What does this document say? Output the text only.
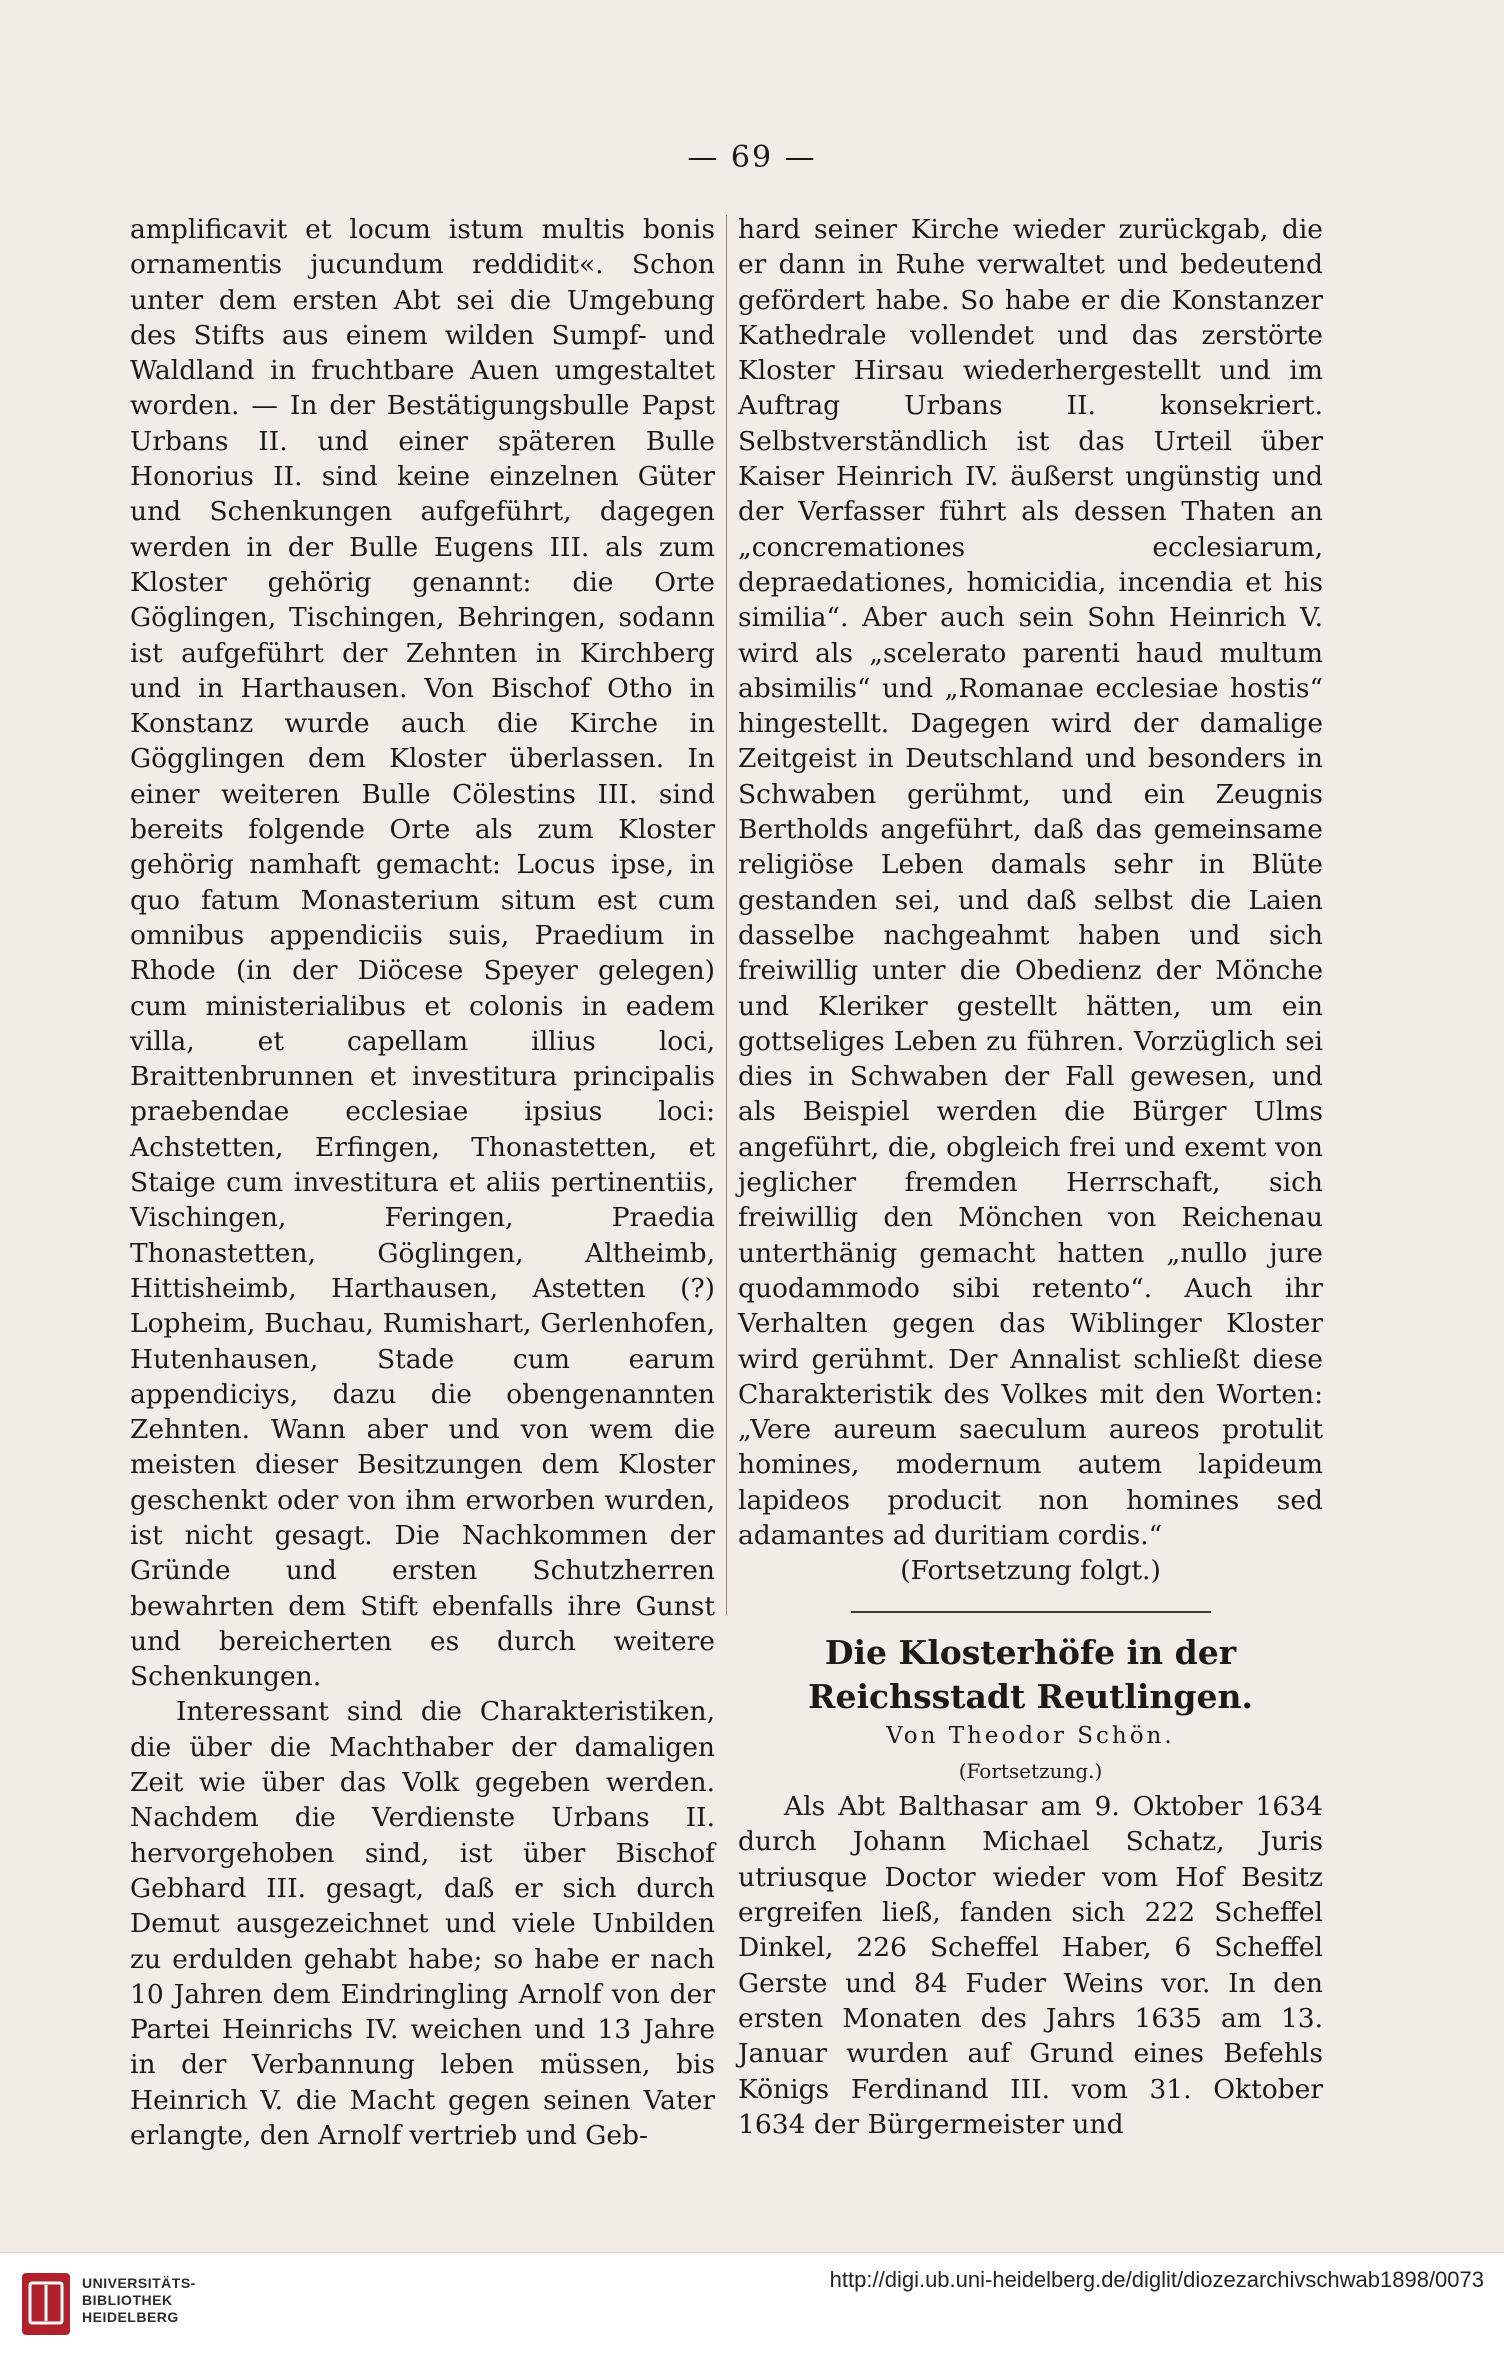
— 69 —

amplificavit et locum istum multis bonis ornamentis jucundum reddidit«. Schon unter dem ersten Abt sei die Umgebung des Stifts aus einem wilden Sumpf- und Waldland in fruchtbare Auen umgestaltet worden. — In der Bestätigungsbulle Papst Urbans II. und einer späteren Bulle Honorius II. sind keine einzelnen Güter und Schenkungen aufgeführt, dagegen werden in der Bulle Eugens III. als zum Kloster gehörig genannt: die Orte Göglingen, Tischingen, Behringen, sodann ist aufgeführt der Zehnten in Kirchberg und in Harthausen. Von Bischof Otho in Konstanz wurde auch die Kirche in Gögglingen dem Kloster überlassen. In einer weiteren Bulle Cölestins III. sind bereits folgende Orte als zum Kloster gehörig namhaft gemacht: Locus ipse, in quo fatum Monasterium situm est cum omnibus appendiciis suis, Praedium in Rhode (in der Diöcese Speyer gelegen) cum ministerialibus et colonis in eadem villa, et capellam illius loci, Braittenbrunnen et investitura principalis praebendae ecclesiae ipsius loci: Achstetten, Erfingen, Thonastetten, et Staige cum investitura et aliis pertinentiis, Vischingen, Feringen, Praedia Thonastetten, Göglingen, Altheimb, Hittisheimb, Harthausen, Astetten (?) Lopheim, Buchau, Rumishart, Gerlenhofen, Hutenhausen, Stade cum earum appendiciys, dazu die obengenannten Zehnten. Wann aber und von wem die meisten dieser Besitzungen dem Kloster geschenkt oder von ihm erworben wurden, ist nicht gesagt. Die Nachkommen der Gründe und ersten Schutzherren bewahrten dem Stift ebenfalls ihre Gunst und bereicherten es durch weitere Schenkungen.

Interessant sind die Charakteristiken, die über die Machthaber der damaligen Zeit wie über das Volk gegeben werden. Nachdem die Verdienste Urbans II. hervorgehoben sind, ist über Bischof Gebhard III. gesagt, daß er sich durch Demut ausgezeichnet und viele Unbilden zu erdulden gehabt habe; so habe er nach 10 Jahren dem Eindringling Arnolf von der Partei Heinrichs IV. weichen und 13 Jahre in der Verbannung leben müssen, bis Heinrich V. die Macht gegen seinen Vater erlangte, den Arnolf vertrieb und Geb-

hard seiner Kirche wieder zurückgab, die er dann in Ruhe verwaltet und bedeutend gefördert habe. So habe er die Konstanzer Kathedrale vollendet und das zerstörte Kloster Hirsau wiederhergestellt und im Auftrag Urbans II. konsekriert. Selbstverständlich ist das Urteil über Kaiser Heinrich IV. äußerst ungünstig und der Verfasser führt als dessen Thaten an „concremationes ecclesiarum, depraedationes, homicidia, incendia et his similia“. Aber auch sein Sohn Heinrich V. wird als „scelerato parenti haud multum absimilis“ und „Romanae ecclesiae hostis“ hingestellt. Dagegen wird der damalige Zeitgeist in Deutschland und besonders in Schwaben gerühmt, und ein Zeugnis Bertholds angeführt, daß das gemeinsame religiöse Leben damals sehr in Blüte gestanden sei, und daß selbst die Laien dasselbe nachgeahmt haben und sich freiwillig unter die Obedienz der Mönche und Kleriker gestellt hätten, um ein gottseliges Leben zu führen. Vorzüglich sei dies in Schwaben der Fall gewesen, und als Beispiel werden die Bürger Ulms angeführt, die, obgleich frei und exemt von jeglicher fremden Herrschaft, sich freiwillig den Mönchen von Reichenau unterthänig gemacht hatten „nullo jure quodammodo sibi retento“. Auch ihr Verhalten gegen das Wiblinger Kloster wird gerühmt. Der Annalist schließt diese Charakteristik des Volkes mit den Worten: „Vere aureum saeculum aureos protulit homines, modernum autem lapideum lapideos producit non homines sed adamantes ad duritiam cordis.“

(Fortsetzung folgt.)

Die Klosterhöfe in der Reichsstadt Reutlingen.

Von Theodor Schön.

(Fortsetzung.)

Als Abt Balthasar am 9. Oktober 1634 durch Johann Michael Schatz, Juris utriusque Doctor wieder vom Hof Besitz ergreifen ließ, fanden sich 222 Scheffel Dinkel, 226 Scheffel Haber, 6 Scheffel Gerste und 84 Fuder Weins vor. In den ersten Monaten des Jahrs 1635 am 13. Januar wurden auf Grund eines Befehls Königs Ferdinand III. vom 31. Oktober 1634 der Bürgermeister und

UNIVERSITÄTS-
BIBLIOTHEK
HEIDELBERG
http://digi.ub.uni-heidelberg.de/diglit/diozezarchivschwab1898/0073
